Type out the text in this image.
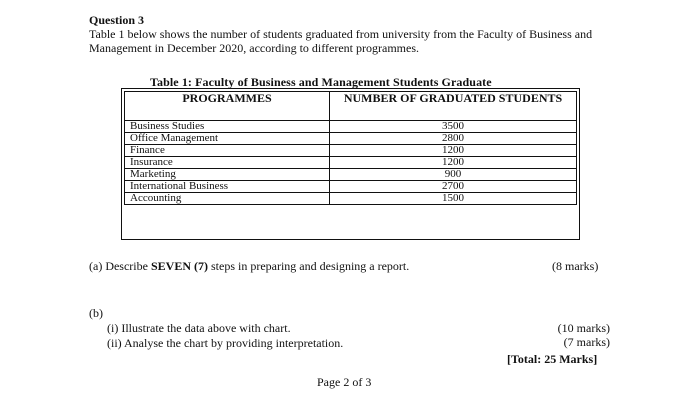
Question 3
Table 1 below shows the number of students graduated from university from the Faculty of Business and Management in December 2020, according to different programmes.
Table 1: Faculty of Business and Management Students Graduate
PROGRAMMES	NUMBER OF GRADUATED STUDENTS
Business Studies	3500
Office Management	2800
Finance	1200
Insurance	1200
Marketing	900
International Business	2700
Accounting	1500
(a) Describe SEVEN (7) steps in preparing and designing a report.	(8 marks)
(b)
(i) Illustrate the data above with chart.
(ii) Analyse the chart by providing interpretation.
(10 marks)
(7 marks)
[Total: 25 Marks]
Page 2 of 3
